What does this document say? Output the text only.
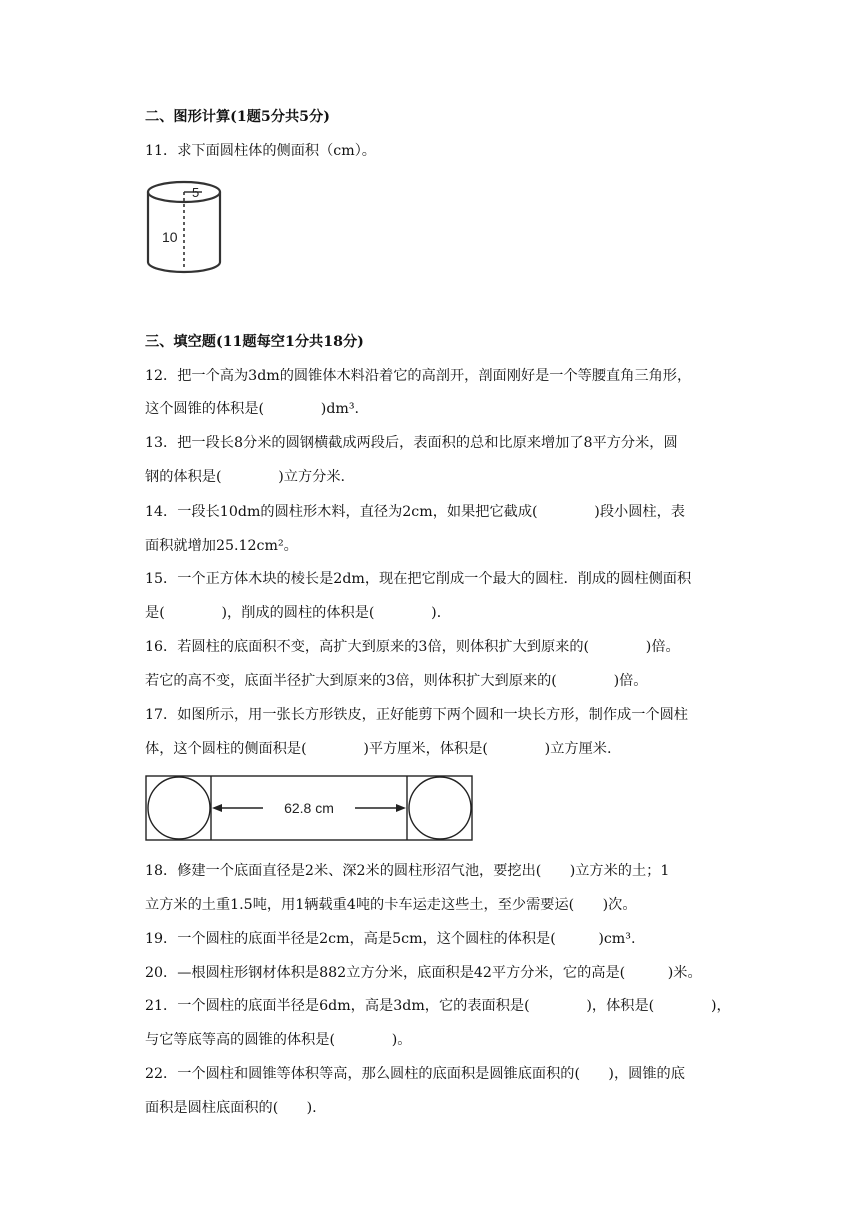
二、图形计算(1题5分共5分)
11．求下面圆柱体的侧面积（cm）。
5
10
三、填空题(11题每空1分共18分)
12．把一个高为3dm的圆锥体木料沿着它的高剖开，剖面刚好是一个等腰直角三角形，
这个圆锥的体积是(　　　　)dm³.
13．把一段长8分米的圆钢横截成两段后，表面积的总和比原来增加了8平方分米，圆
钢的体积是(　　　　)立方分米.
14．一段长10dm的圆柱形木料，直径为2cm，如果把它截成(　　　　)段小圆柱，表
面积就增加25.12cm²。
15．一个正方体木块的棱长是2dm，现在把它削成一个最大的圆柱．削成的圆柱侧面积
是(　　　　)，削成的圆柱的体积是(　　　　)．
16．若圆柱的底面积不变，高扩大到原来的3倍，则体积扩大到原来的(　　　　)倍。
若它的高不变，底面半径扩大到原来的3倍，则体积扩大到原来的(　　　　)倍。
17．如图所示，用一张长方形铁皮，正好能剪下两个圆和一块长方形，制作成一个圆柱
体，这个圆柱的侧面积是(　　　　)平方厘米，体积是(　　　　)立方厘米.
62.8 cm
18．修建一个底面直径是2米、深2米的圆柱形沼气池，要挖出(　　)立方米的土；1
立方米的土重1.5吨，用1辆载重4吨的卡车运走这些土，至少需要运(　　)次。
19．一个圆柱的底面半径是2cm，高是5cm，这个圆柱的体积是(　　　)cm³.
20．—根圆柱形钢材体积是882立方分米，底面积是42平方分米，它的高是(　　　)米。
21．一个圆柱的底面半径是6dm，高是3dm，它的表面积是(　　　　)，体积是(　　　　)，
与它等底等高的圆锥的体积是(　　　　)。
22．一个圆柱和圆锥等体积等高，那么圆柱的底面积是圆锥底面积的(　　)，圆锥的底
面积是圆柱底面积的(　　).
